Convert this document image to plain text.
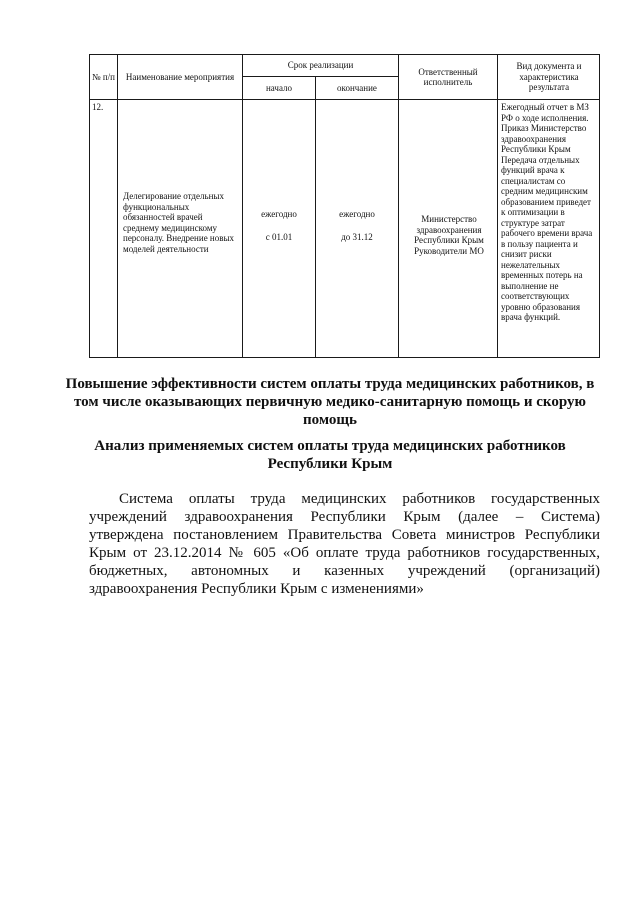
№ п/п	Наименование мероприятия
Срок реализации
начало	окончание
Ответственный исполнитель
Вид документа и характеристика результата
12.
Делегирование отдельных функциональных обязанностей врачей среднему медицинскому персоналу. Внедрение новых моделей деятельности
ежегодно
с 01.01
ежегодно
до 31.12
Министерство здравоохранения Республики Крым Руководители МО
Ежегодный отчет в МЗ РФ о ходе исполнения. Приказ Министерство здравоохранения Республики Крым Передача отдельных функций врача к специалистам со средним медицинским образованием приведет к оптимизации в структуре затрат рабочего времени врача в пользу пациента и снизит риски нежелательных временных потерь на выполнение не соответствующих уровню образования врача функций.
Повышение эффективности систем оплаты труда медицинских работников, в том числе оказывающих первичную медико-санитарную помощь и скорую помощь
Анализ применяемых систем оплаты труда медицинских работников Республики Крым
Система оплаты труда медицинских работников государственных
учреждений здравоохранения Республики Крым (далее – Система)
утверждена постановлением Правительства Совета министров Республики
Крым от 23.12.2014 № 605 «Об оплате труда работников государственных,
бюджетных, автономных и казенных учреждений (организаций)
здравоохранения Республики Крым с изменениями»
